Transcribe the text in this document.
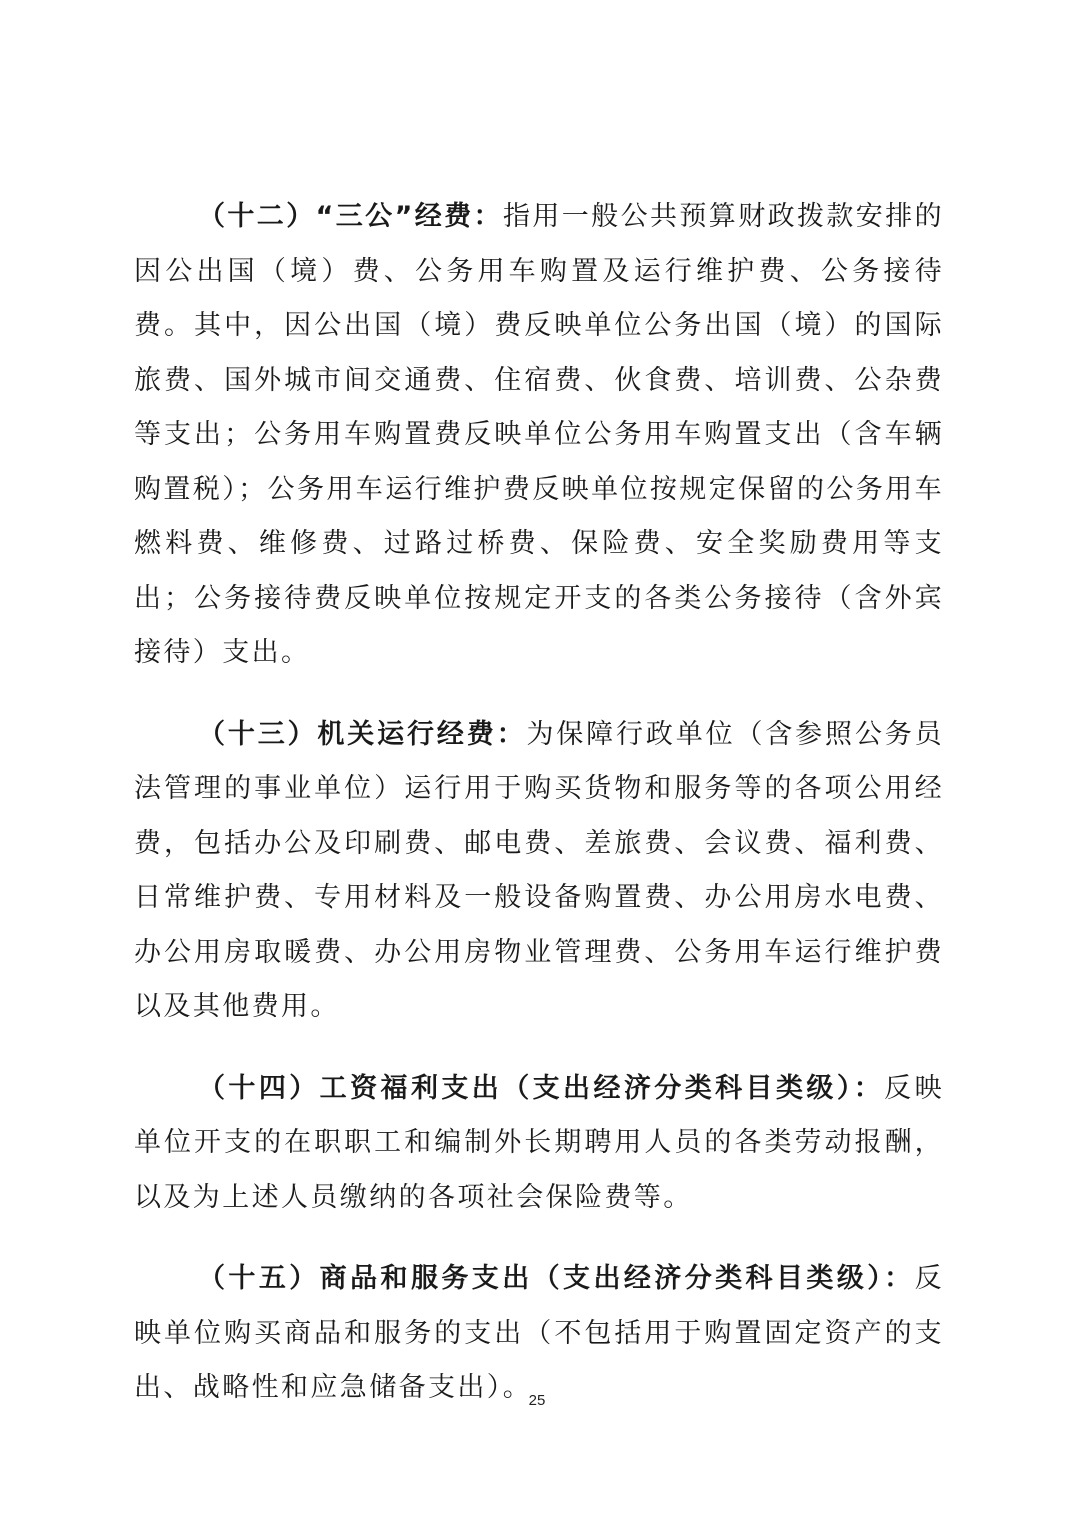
（十二）“三公”经费：指用一般公共预算财政拨款安排的因公出国（境）费、公务用车购置及运行维护费、公务接待费。其中，因公出国（境）费反映单位公务出国（境）的国际旅费、国外城市间交通费、住宿费、伙食费、培训费、公杂费等支出；公务用车购置费反映单位公务用车购置支出（含车辆购置税）；公务用车运行维护费反映单位按规定保留的公务用车燃料费、维修费、过路过桥费、保险费、安全奖励费用等支出；公务接待费反映单位按规定开支的各类公务接待（含外宾接待）支出。

（十三）机关运行经费：为保障行政单位（含参照公务员法管理的事业单位）运行用于购买货物和服务等的各项公用经费，包括办公及印刷费、邮电费、差旅费、会议费、福利费、日常维护费、专用材料及一般设备购置费、办公用房水电费、办公用房取暖费、办公用房物业管理费、公务用车运行维护费以及其他费用。

（十四）工资福利支出（支出经济分类科目类级）：反映单位开支的在职职工和编制外长期聘用人员的各类劳动报酬，以及为上述人员缴纳的各项社会保险费等。

（十五）商品和服务支出（支出经济分类科目类级）：反映单位购买商品和服务的支出（不包括用于购置固定资产的支出、战略性和应急储备支出）。

25
